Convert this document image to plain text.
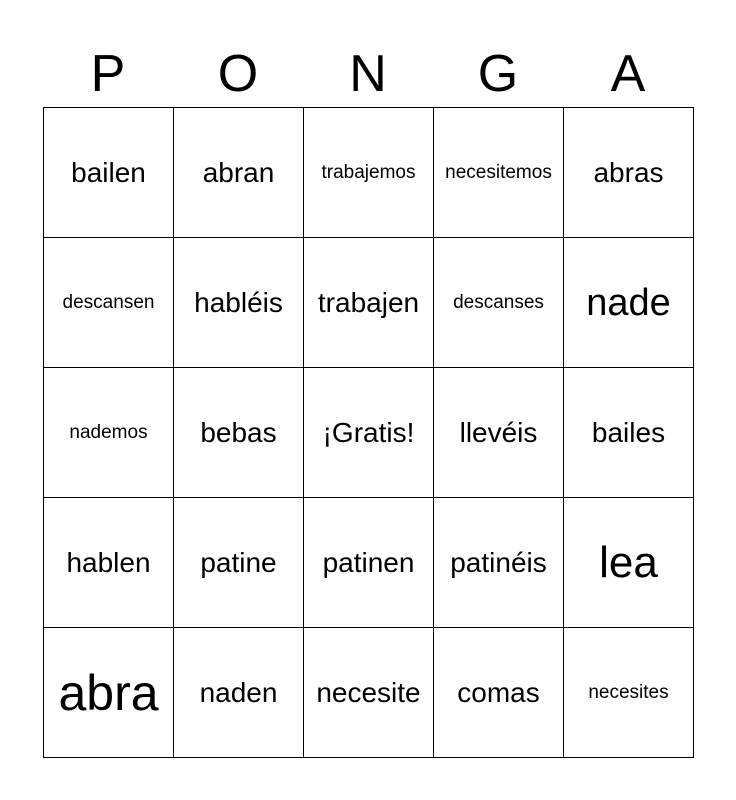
P	O	N	G	A
bailen	abran	trabajemos	necesitemos	abras
descansen	habléis	trabajen	descanses	nade
nademos	bebas	¡Gratis!	llevéis	bailes
hablen	patine	patinen	patinéis	lea
abra	naden	necesite	comas	necesites
